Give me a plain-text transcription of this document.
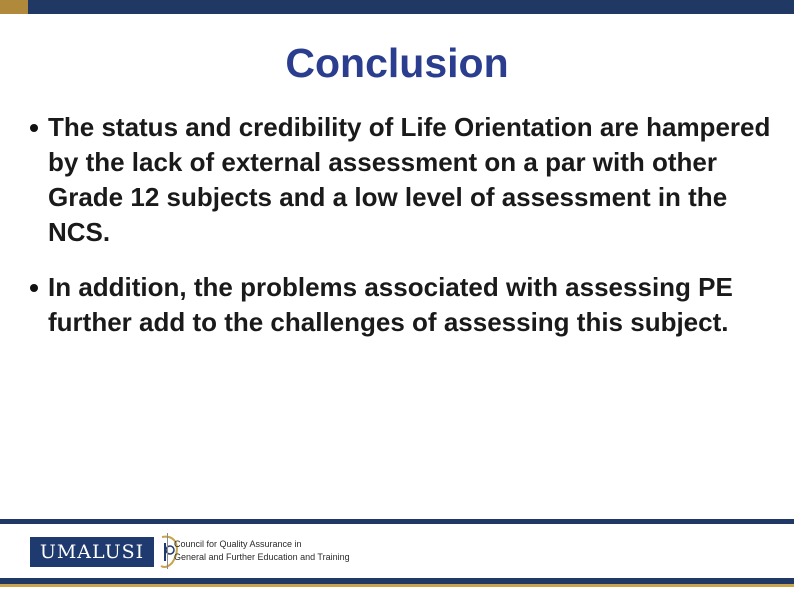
Conclusion
The status and credibility of Life Orientation are hampered by the lack of external assessment on a par with other Grade 12 subjects and a low level of assessment in the NCS.
In addition, the problems associated with assessing PE further add to the challenges of assessing this subject.
UMALUSI	Council for Quality Assurance in
General and Further Education and Training
